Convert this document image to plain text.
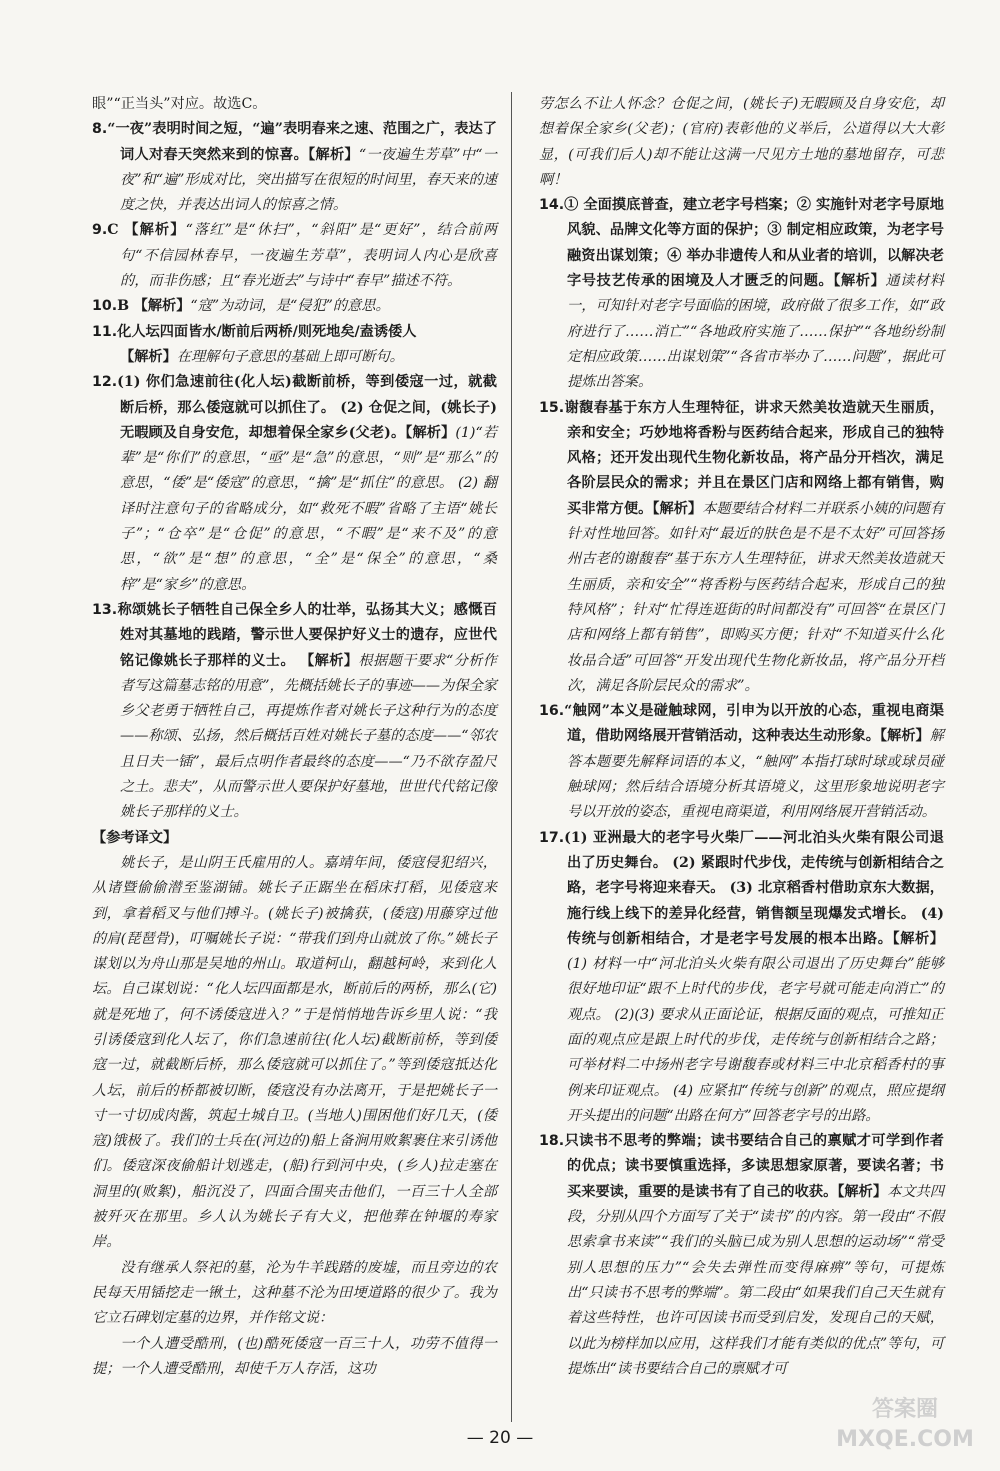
眼”“正当头”对应。故选C。

8.“一夜”表明时间之短，“遍”表明春来之速、范围之广，表达了词人对春天突然来到的惊喜。【解析】“一夜遍生芳草”中“一夜”和“遍”形成对比，突出描写在很短的时间里，春天来的速度之快，并表达出词人的惊喜之情。

9.C 【解析】“落红”是“休扫”，“斜阳”是“更好”，结合前两句“不信园林春早，一夜遍生芳草”，表明词人内心是欣喜的，而非伤感；且“春光逝去”与诗中“春早”描述不符。

10.B 【解析】“寇”为动词，是“侵犯”的意思。

11.化人坛四面皆水/断前后两桥/则死地矣/盍诱倭人
【解析】在理解句子意思的基础上即可断句。

12.(1) 你们急速前往(化人坛)截断前桥，等到倭寇一过，就截断后桥，那么倭寇就可以抓住了。 (2) 仓促之间，(姚长子)无暇顾及自身安危，却想着保全家乡(父老)。【解析】(1)“若辈”是“你们”的意思，“亟”是“急”的意思，“则”是“那么”的意思，“倭”是“倭寇”的意思，“擒”是“抓住”的意思。 (2) 翻译时注意句子的省略成分，如“救死不暇”省略了主语“姚长子”；“仓卒”是“仓促”的意思，“不暇”是“来不及”的意思，“欲”是“想”的意思，“全”是“保全”的意思，“桑梓”是“家乡”的意思。

13.称颂姚长子牺牲自己保全乡人的壮举，弘扬其大义；感慨百姓对其墓地的践踏，警示世人要保护好义士的遗存，应世代铭记像姚长子那样的义士。 【解析】根据题干要求“分析作者写这篇墓志铭的用意”，先概括姚长子的事迹——为保全家乡父老勇于牺牲自己，再提炼作者对姚长子这种行为的态度——称颂、弘扬，然后概括百姓对姚长子墓的态度——“邻农且日夫一锸”，最后点明作者最终的态度——“乃不欲存盈尺之土。悲夫”，从而警示世人要保护好墓地，世世代代铭记像姚长子那样的义士。

【参考译文】

姚长子，是山阴王氏雇用的人。嘉靖年间，倭寇侵犯绍兴，从诸暨偷偷潜至鉴湖铺。姚长子正踞坐在稻床打稻，见倭寇来到，拿着稻叉与他们搏斗。(姚长子)被擒获，(倭寇)用藤穿过他的肩(琵琶骨)，叮嘱姚长子说：“带我们到舟山就放了你。”姚长子谋划以为舟山那是吴地的州山。取道柯山，翻越柯岭，来到化人坛。自己谋划说：“化人坛四面都是水，断前后的两桥，那么(它)就是死地了，何不诱倭寇进入？”于是悄悄地告诉乡里人说：“我引诱倭寇到化人坛了，你们急速前往(化人坛)截断前桥，等到倭寇一过，就截断后桥，那么倭寇就可以抓住了。”等到倭寇抵达化人坛，前后的桥都被切断，倭寇没有办法离开，于是把姚长子一寸一寸切成肉酱，筑起土城自卫。(当地人)围困他们好几天，(倭寇)饿极了。我们的士兵在(河边的)船上备涧用败絮裹住来引诱他们。倭寇深夜偷船计划逃走，(船)行到河中央，(乡人)拉走塞在洞里的(败絮)，船沉没了，四面合围夹击他们，一百三十人全部被歼灭在那里。乡人认为姚长子有大义，把他葬在钟堰的寿家岸。

没有继承人祭祀的墓，沦为牛羊践踏的废墟，而且旁边的农民每天用锸挖走一锹土，这种墓不沦为田埂道路的很少了。我为它立石碑划定墓的边界，并作铭文说：

一个人遭受酷刑，(也)酷死倭寇一百三十人，功劳不值得一提；一个人遭受酷刑，却使千万人存活，这功

劳怎么不让人怀念？仓促之间，(姚长子)无暇顾及自身安危，却想着保全家乡(父老)；(官府)表彰他的义举后，公道得以大大彰显，(可我们后人)却不能让这满一尺见方土地的墓地留存，可悲啊！

14.① 全面摸底普查，建立老字号档案；② 实施针对老字号原地风貌、品牌文化等方面的保护；③ 制定相应政策，为老字号融资出谋划策；④ 举办非遗传人和从业者的培训，以解决老字号技艺传承的困境及人才匮乏的问题。【解析】通读材料一，可知针对老字号面临的困境，政府做了很多工作，如“政府进行了……消亡”“各地政府实施了……保护”“各地纷纷制定相应政策……出谋划策”“各省市举办了……问题”，据此可提炼出答案。

15.谢馥春基于东方人生理特征，讲求天然美妆造就天生丽质，亲和安全；巧妙地将香粉与医药结合起来，形成自己的独特风格；还开发出现代生物化新妆品，将产品分开档次，满足各阶层民众的需求；并且在景区门店和网络上都有销售，购买非常方便。【解析】本题要结合材料二并联系小姨的问题有针对性地回答。如针对“最近的肤色是不是不太好”可回答扬州古老的谢馥春“基于东方人生理特征，讲求天然美妆造就天生丽质，亲和安全”“将香粉与医药结合起来，形成自己的独特风格”；针对“忙得连逛街的时间都没有”可回答“在景区门店和网络上都有销售”，即购买方便；针对“不知道买什么化妆品合适”可回答“开发出现代生物化新妆品，将产品分开档次，满足各阶层民众的需求”。

16.“触网”本义是碰触球网，引申为以开放的心态，重视电商渠道，借助网络展开营销活动，这种表达生动形象。【解析】解答本题要先解释词语的本义，“触网”本指打球时球或球员碰触球网；然后结合语境分析其语境义，这里形象地说明老字号以开放的姿态，重视电商渠道，利用网络展开营销活动。

17.(1) 亚洲最大的老字号火柴厂——河北泊头火柴有限公司退出了历史舞台。 (2) 紧跟时代步伐，走传统与创新相结合之路，老字号将迎来春天。 (3) 北京稻香村借助京东大数据，施行线上线下的差异化经营，销售额呈现爆发式增长。 (4) 传统与创新相结合，才是老字号发展的根本出路。【解析】(1) 材料一中“河北泊头火柴有限公司退出了历史舞台”能够很好地印证“跟不上时代的步伐，老字号就可能走向消亡”的观点。 (2)(3) 要求从正面论证，根据反面的观点，可推知正面的观点应是跟上时代的步伐，走传统与创新相结合之路；可举材料二中扬州老字号谢馥春或材料三中北京稻香村的事例来印证观点。 (4) 应紧扣“传统与创新”的观点，照应提纲开头提出的问题“出路在何方”回答老字号的出路。

18.只读书不思考的弊端；读书要结合自己的禀赋才可学到作者的优点；读书要慎重选择，多读思想家原著，要读名著；书买来要读，重要的是读书有了自己的收获。【解析】本文共四段，分别从四个方面写了关于“读书”的内容。第一段由“不假思索拿书来读”“我们的头脑已成为别人思想的运动场”“常受别人思想的压力”“会失去弹性而变得麻痹”等句，可提炼出“只读书不思考的弊端”。第二段由“如果我们自己天生就有着这些特性，也许可因读书而受到启发，发现自己的天赋，以此为榜样加以应用，这样我们才能有类似的优点”等句，可提炼出“读书要结合自己的禀赋才可

— 20 —
答案圈
MXQE.COM
